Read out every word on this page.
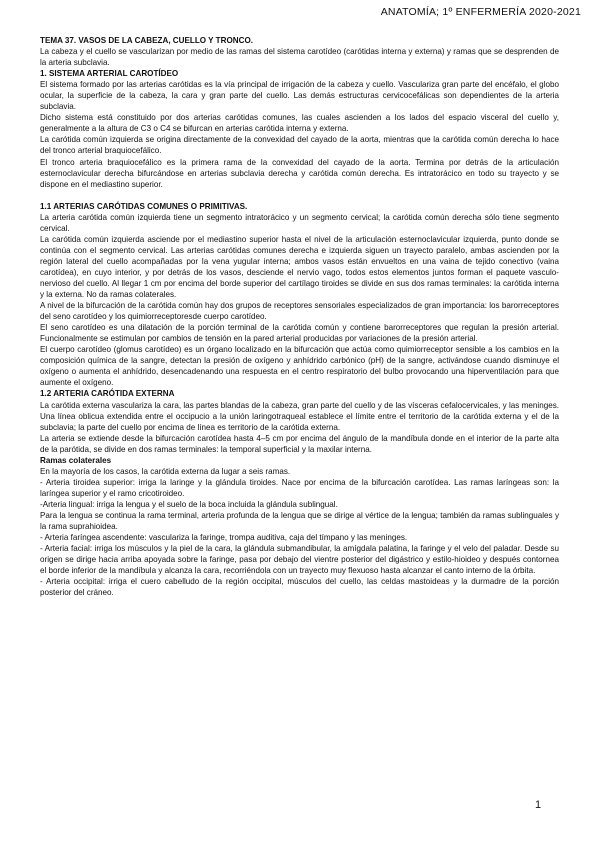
ANATOMÍA; 1º ENFERMERÍA 2020-2021

TEMA 37. VASOS DE LA CABEZA, CUELLO Y TRONCO.

La cabeza y el cuello se vascularizan por medio de las ramas del sistema carotídeo (carótidas interna y externa) y ramas que se desprenden de la arteria subclavia.

1. SISTEMA ARTERIAL CAROTÍDEO

El sistema formado por las arterias carótidas es la vía principal de irrigación de la cabeza y cuello. Vasculariza gran parte del encéfalo, el globo ocular, la superficie de la cabeza, la cara y gran parte del cuello. Las demás estructuras cervicocefálicas son dependientes de la arteria subclavia.

Dicho sistema está constituido por dos arterias carótidas comunes, las cuales ascienden a los lados del espacio visceral del cuello y, generalmente a la altura de C3 o C4 se bifurcan en arterias carótida interna y externa.

La carótida común izquierda se origina directamente de la convexidad del cayado de la aorta, mientras que la carótida común derecha lo hace del tronco arterial braquiocefálico.

El tronco arteria braquiocefálico es la primera rama de la convexidad del cayado de la aorta. Termina por detrás de la articulación esternoclavicular derecha bifurcándose en arterias subclavia derecha y carótida común derecha. Es intratorácico en todo su trayecto y se dispone en el mediastino superior.

1.1 ARTERIAS CARÓTIDAS COMUNES O PRIMITIVAS.

La arteria carótida común izquierda tiene un segmento intratorácico y un segmento cervical; la carótida común derecha sólo tiene segmento cervical.

La carótida común izquierda asciende por el mediastino superior hasta el nivel de la articulación esternoclavicular izquierda, punto donde se continúa con el segmento cervical. Las arterias carótidas comunes derecha e izquierda siguen un trayecto paralelo, ambas ascienden por la región lateral del cuello acompañadas por la vena yugular interna; ambos vasos están envueltos en una vaina de tejido conectivo (vaina carotídea), en cuyo interior, y por detrás de los vasos, desciende el nervio vago, todos estos elementos juntos forman el paquete vasculo-nervioso del cuello. Al llegar 1 cm por encima del borde superior del cartílago tiroides se divide en sus dos ramas terminales: la carótida interna y la externa. No da ramas colaterales.

A nivel de la bifurcación de la carótida común hay dos grupos de receptores sensoriales especializados de gran importancia: los barorreceptores del seno carotídeo y los quimiorreceptoresde cuerpo carotídeo.

El seno carotídeo es una dilatación de la porción terminal de la carótida común y contiene barorreceptores que regulan la presión arterial. Funcionalmente se estimulan por cambios de tensión en la pared arterial producidas por variaciones de la presión arterial.

El cuerpo carotídeo (glomus carotídeo) es un órgano localizado en la bifurcación que actúa como quimiorreceptor sensible a los cambios en la composición química de la sangre, detectan la presión de oxígeno y anhídrido carbónico (pH) de la sangre, activándose cuando disminuye el oxígeno o aumenta el anhídrido, desencadenando una respuesta en el centro respiratorio del bulbo provocando una hiperventilación para que aumente el oxígeno.

1.2 ARTERIA CARÓTIDA EXTERNA

La carótida externa vasculariza la cara, las partes blandas de la cabeza, gran parte del cuello y de las vísceras cefalocervicales, y las meninges. Una línea oblicua extendida entre el occipucio a la unión laringotraqueal establece el límite entre el territorio de la carótida externa y el de la subclavia; la parte del cuello por encima de línea es territorio de la carótida externa.

La arteria se extiende desde la bifurcación carotídea hasta 4–5 cm por encima del ángulo de la mandíbula donde en el interior de la parte alta de la parótida, se divide en dos ramas terminales: la temporal superficial y la maxilar interna.

Ramas colaterales

En la mayoría de los casos, la carótida externa da lugar a seis ramas.

- Arteria tiroidea superior: irriga la laringe y la glándula tiroides. Nace por encima de la bifurcación carotídea. Las ramas laríngeas son: la laríngea superior y el ramo cricotiroideo.

-Arteria lingual: irriga la lengua y el suelo de la boca incluida la glándula sublingual.

Para la lengua se continua la rama terminal, arteria profunda de la lengua que se dirige al vértice de la lengua; también da ramas sublinguales y la rama suprahioidea.

- Arteria faríngea ascendente: vasculariza la faringe, trompa auditiva, caja del tímpano y las meninges.

- Arteria facial: irriga los músculos y la piel de la cara, la glándula submandibular, la amígdala palatina, la faringe y el velo del paladar. Desde su origen se dirige hacia arriba apoyada sobre la faringe, pasa por debajo del vientre posterior del digástrico y estilo-hioideo y después contornea el borde inferior de la mandíbula y alcanza la cara, recorriéndola con un trayecto muy flexuoso hasta alcanzar el canto interno de la órbita.

- Arteria occipital: irriga el cuero cabelludo de la región occipital, músculos del cuello, las celdas mastoideas y la durmadre de la porción posterior del cráneo.

1
